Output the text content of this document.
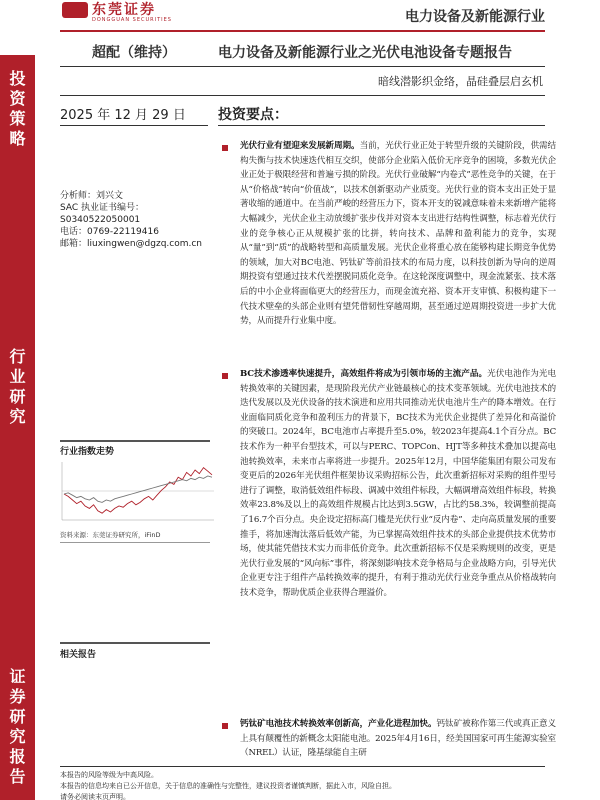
东莞证券
DONGGUAN SECURITIES	电力设备及新能源行业
投资策略
行业研究
证券研究报告
超配（维持）	电力设备及新能源行业之光伏电池设备专题报告
暗线潜影织金络，晶硅叠层启玄机
2025 年 12 月 29 日 投资要点：
分析师：刘兴文
SAC 执业证书编号：
S0340522050001
电话：0769-22119416
邮箱：liuxingwen@dgzq.com.cn
行业指数走势
资料来源：东莞证券研究所，iFinD
相关报告
光伏行业有望迎来发展新周期。当前，光伏行业正处于转型升级的关键阶段，供需结构失衡与技术快速迭代相互交织，使部分企业陷入低价无序竞争的困境，多数光伏企业正处于极限经营和普遍亏损的阶段。光伏行业破解“内卷式”恶性竞争的关键，在于从“价格战”转向“价值战”，以技术创新驱动产业质变。光伏行业的资本支出正处于显著收缩的通道中。在当前严峻的经营压力下，资本开支的锐减意味着未来新增产能将大幅减少，光伏企业主动放缓扩张步伐并对资本支出进行结构性调整，标志着光伏行业的竞争核心正从规模扩张的比拼，转向技术、品牌和盈利能力的竞争，实现从“量”到“质”的战略转型和高质量发展。光伏企业将重心放在能够构建长期竞争优势的领域，加大对BC电池、钙钛矿等前沿技术的布局力度，以科技创新为导向的逆周期投资有望通过技术代差摆脱同质化竞争。在这轮深度调整中，现金流紧张、技术落后的中小企业将面临更大的经营压力，而现金流充裕、资本开支审慎、积极构建下一代技术壁垒的头部企业则有望凭借韧性穿越周期，甚至通过逆周期投资进一步扩大优势，从而提升行业集中度。
BC技术渗透率快速提升，高效组件将成为引领市场的主流产品。光伏电池作为光电转换效率的关键因素，是现阶段光伏产业链最核心的技术变革领域。光伏电池技术的迭代发展以及光伏设备的技术演进和应用共同推动光伏电池片生产的降本增效。在行业面临同质化竞争和盈利压力的背景下，BC技术为光伏企业提供了差异化和高溢价的突破口。2024年，BC电池市占率提升至5.0%，较2023年提高4.1个百分点。BC技术作为一种平台型技术，可以与PERC、TOPCon、HJT等多种技术叠加以提高电池转换效率，未来市占率将进一步提升。2025年12月，中国华能集团有限公司发布变更后的2026年光伏组件框架协议采购招标公告，此次重新招标对采购的组件型号进行了调整，取消低效组件标段、调减中效组件标段，大幅调增高效组件标段，转换效率23.8%及以上的高效组件规模占比达到3.5GW，占比约58.3%，较调整前提高了16.7个百分点。央企设定招标高门槛是光伏行业“反内卷”、走向高质量发展的重要推手，将加速淘汰落后低效产能，为已掌握高效组件技术的头部企业提供技术优势市场，使其能凭借技术实力而非低价竞争。此次重新招标不仅是采购规则的改变，更是光伏行业发展的“风向标”事件，将深刻影响技术竞争格局与企业战略方向，引导光伏企业更专注于组件产品转换效率的提升，有利于推动光伏行业竞争重点从价格战转向技术竞争，帮助优质企业获得合理溢价。
钙钛矿电池技术转换效率创新高，产业化进程加快。钙钛矿被称作第三代或真正意义上具有颠覆性的新概念太阳能电池。2025年4月16日，经美国国家可再生能源实验室（NREL）认证，隆基绿能自主研
本报告的风险等级为中高风险。
本报告的信息均来自已公开信息，关于信息的准确性与完整性，建议投资者谨慎判断，据此入市，风险自担。
请务必阅读末页声明。
